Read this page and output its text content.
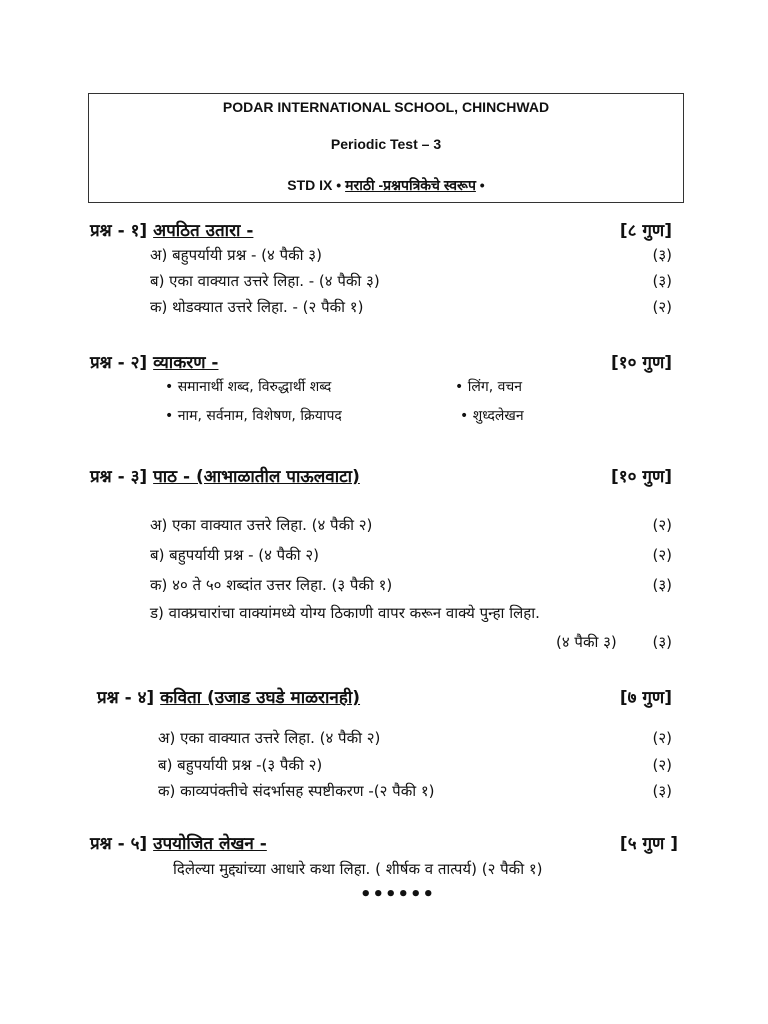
PODAR INTERNATIONAL SCHOOL, CHINCHWAD
Periodic Test – 3
STD IX • मराठी -प्रश्नपत्रिकेचे स्वरूप •
प्रश्न - १] अपठित उतारा -	[८ गुण]
अ) बहुपर्यायी प्रश्न - (४ पैकी ३)	(३)
ब) एका वाक्यात उत्तरे लिहा. - (४ पैकी ३)	(३)
क) थोडक्यात उत्तरे लिहा. - (२ पैकी १)	(२)
प्रश्न - २] व्याकरण -	[१० गुण]
• समानार्थी शब्द, विरुद्धार्थी शब्द	• लिंग, वचन
• नाम, सर्वनाम, विशेषण, क्रियापद	• शुध्दलेखन
प्रश्न - ३] पाठ - (आभाळातील पाऊलवाटा)	[१० गुण]
अ) एका वाक्यात उत्तरे लिहा. (४ पैकी २)	(२)
ब) बहुपर्यायी प्रश्न - (४ पैकी २)	(२)
क) ४० ते ५० शब्दांत उत्तर लिहा. (३ पैकी १)	(३)
ड) वाक्प्रचारांचा वाक्यांमध्ये योग्य ठिकाणी वापर करून वाक्ये पुन्हा लिहा.
(४ पैकी ३) (३)
प्रश्न - ४] कविता (उजाड उघडे माळरानही)	[७ गुण]
अ) एका वाक्यात उत्तरे लिहा. (४ पैकी २)	(२)
ब) बहुपर्यायी प्रश्न -(३ पैकी २)	(२)
क) काव्यपंक्तीचे संदर्भासह स्पष्टीकरण -(२ पैकी १)	(३)
प्रश्न - ५] उपयोजित लेखन -	[५ गुण ]
दिलेल्या मुद्द्यांच्या आधारे कथा लिहा. ( शीर्षक व तात्पर्य) (२ पैकी १)
••••••
